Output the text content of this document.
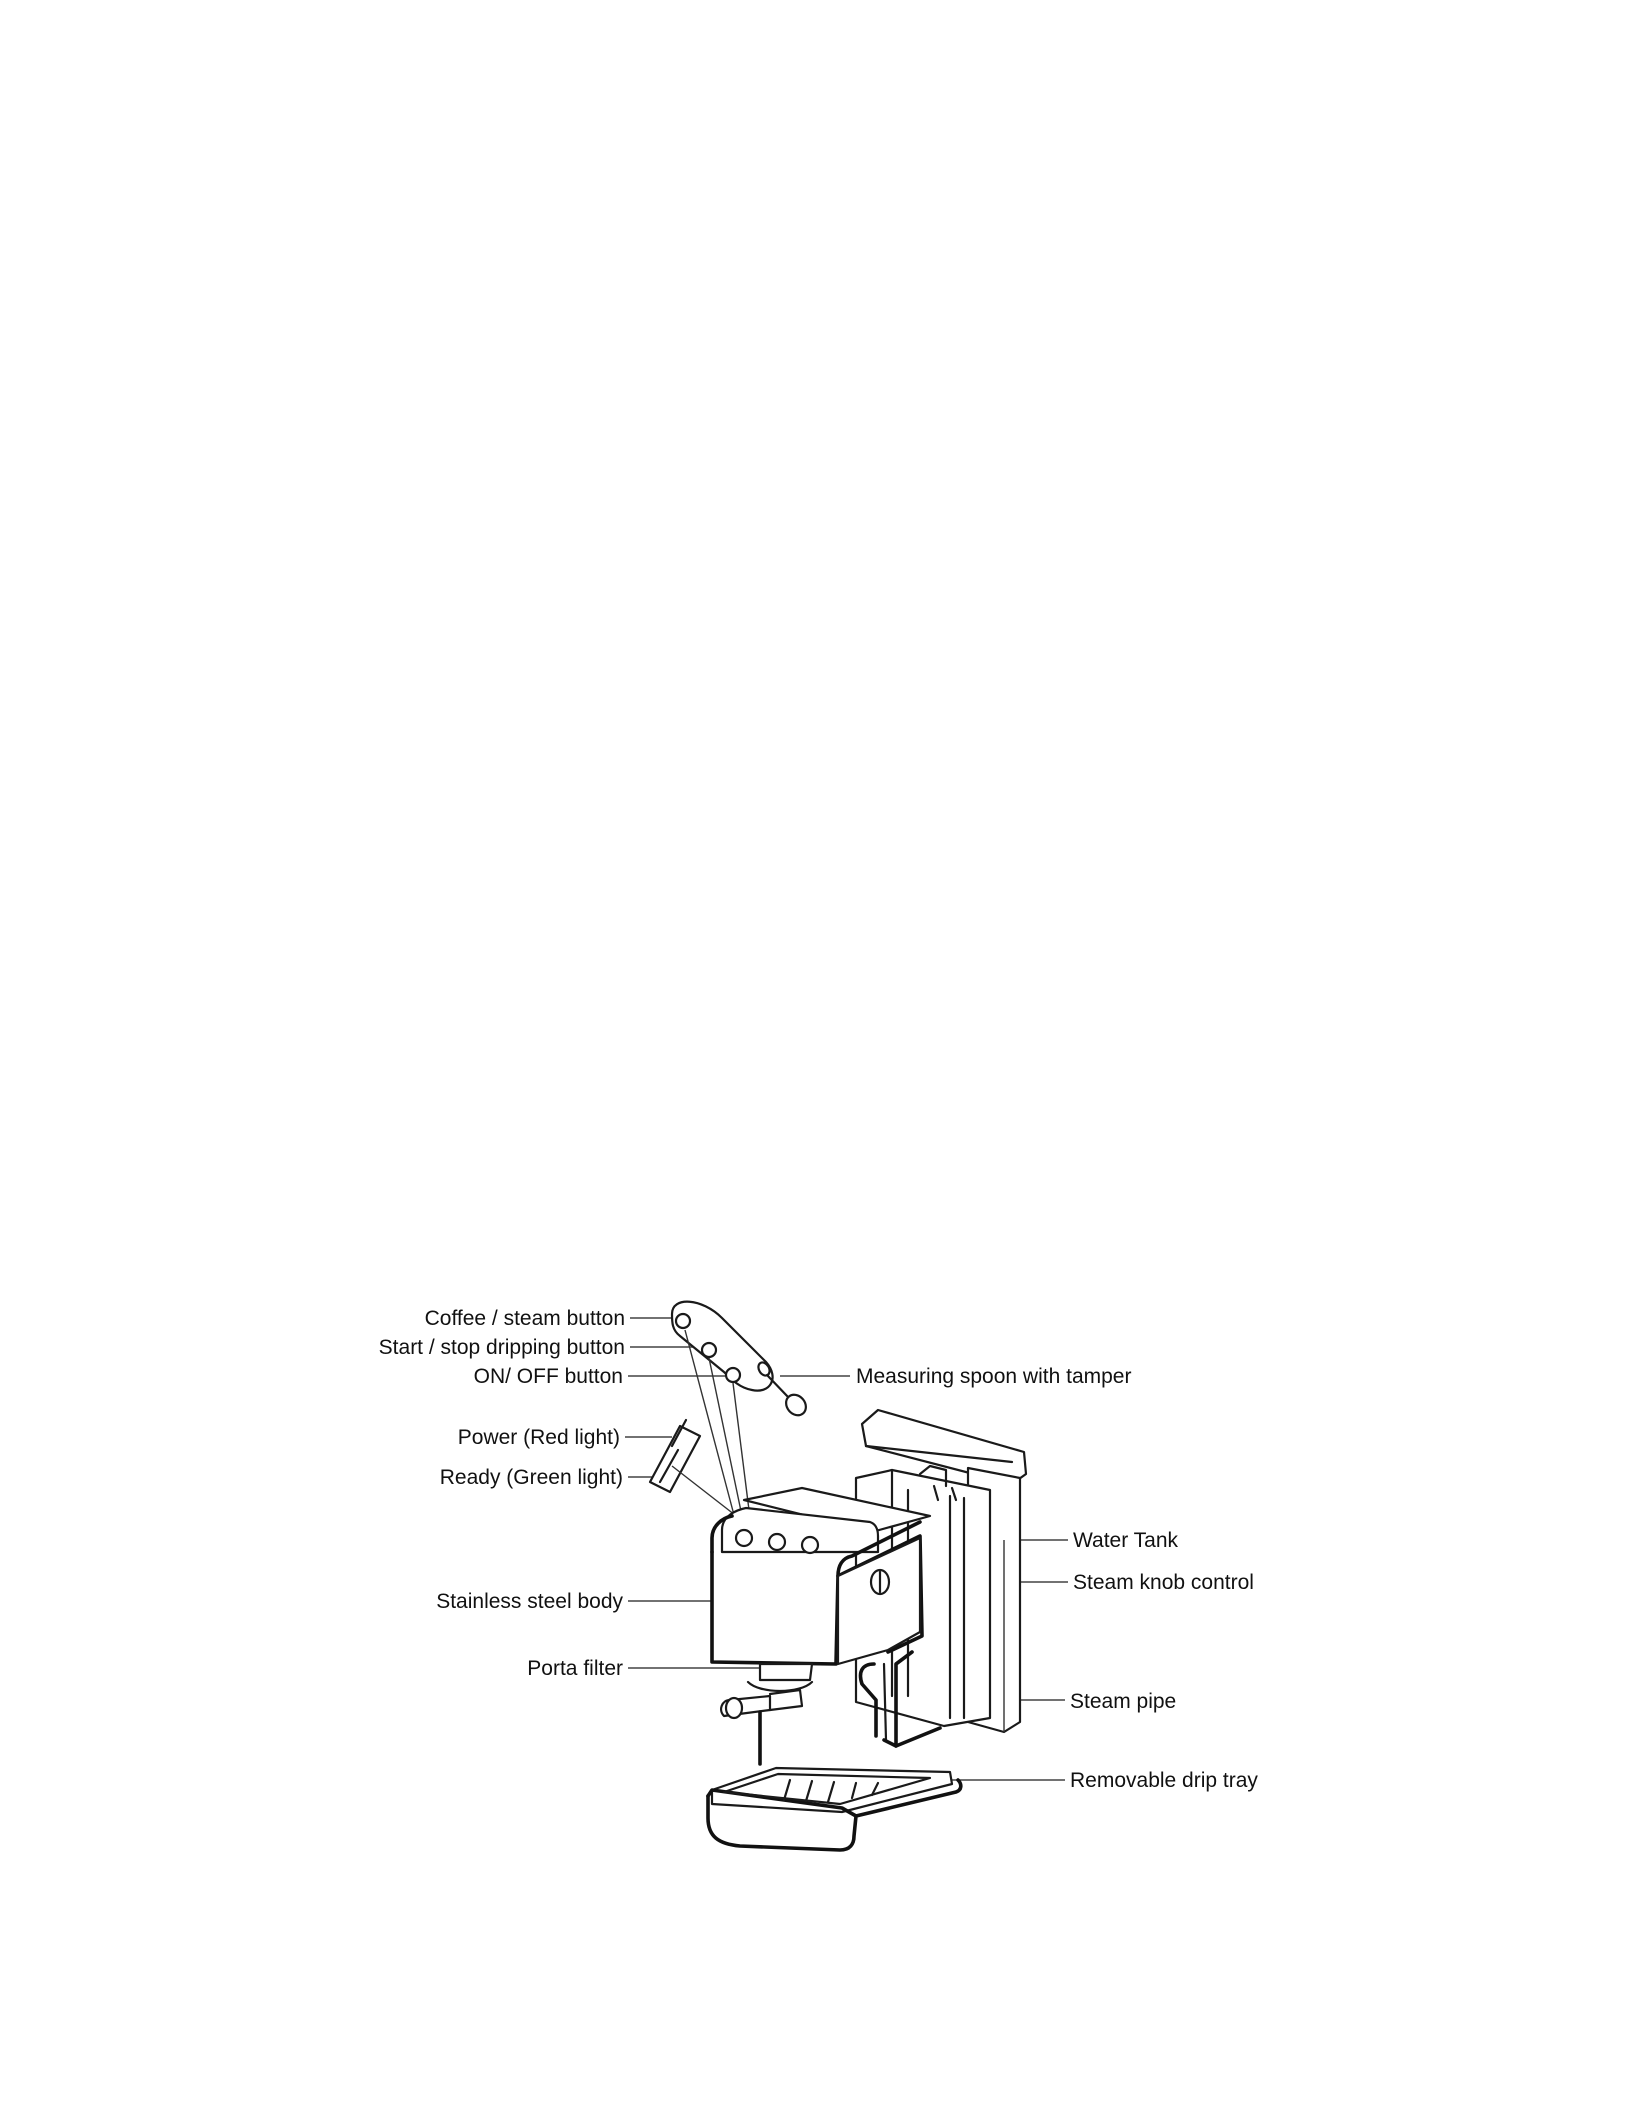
Coffee / steam button
Start / stop dripping button
ON/ OFF button	Measuring spoon with tamper
Power (Red light)
Ready (Green light)
Water Tank
Steam knob control
Stainless steel body
Porta filter
Steam pipe
Removable drip tray
